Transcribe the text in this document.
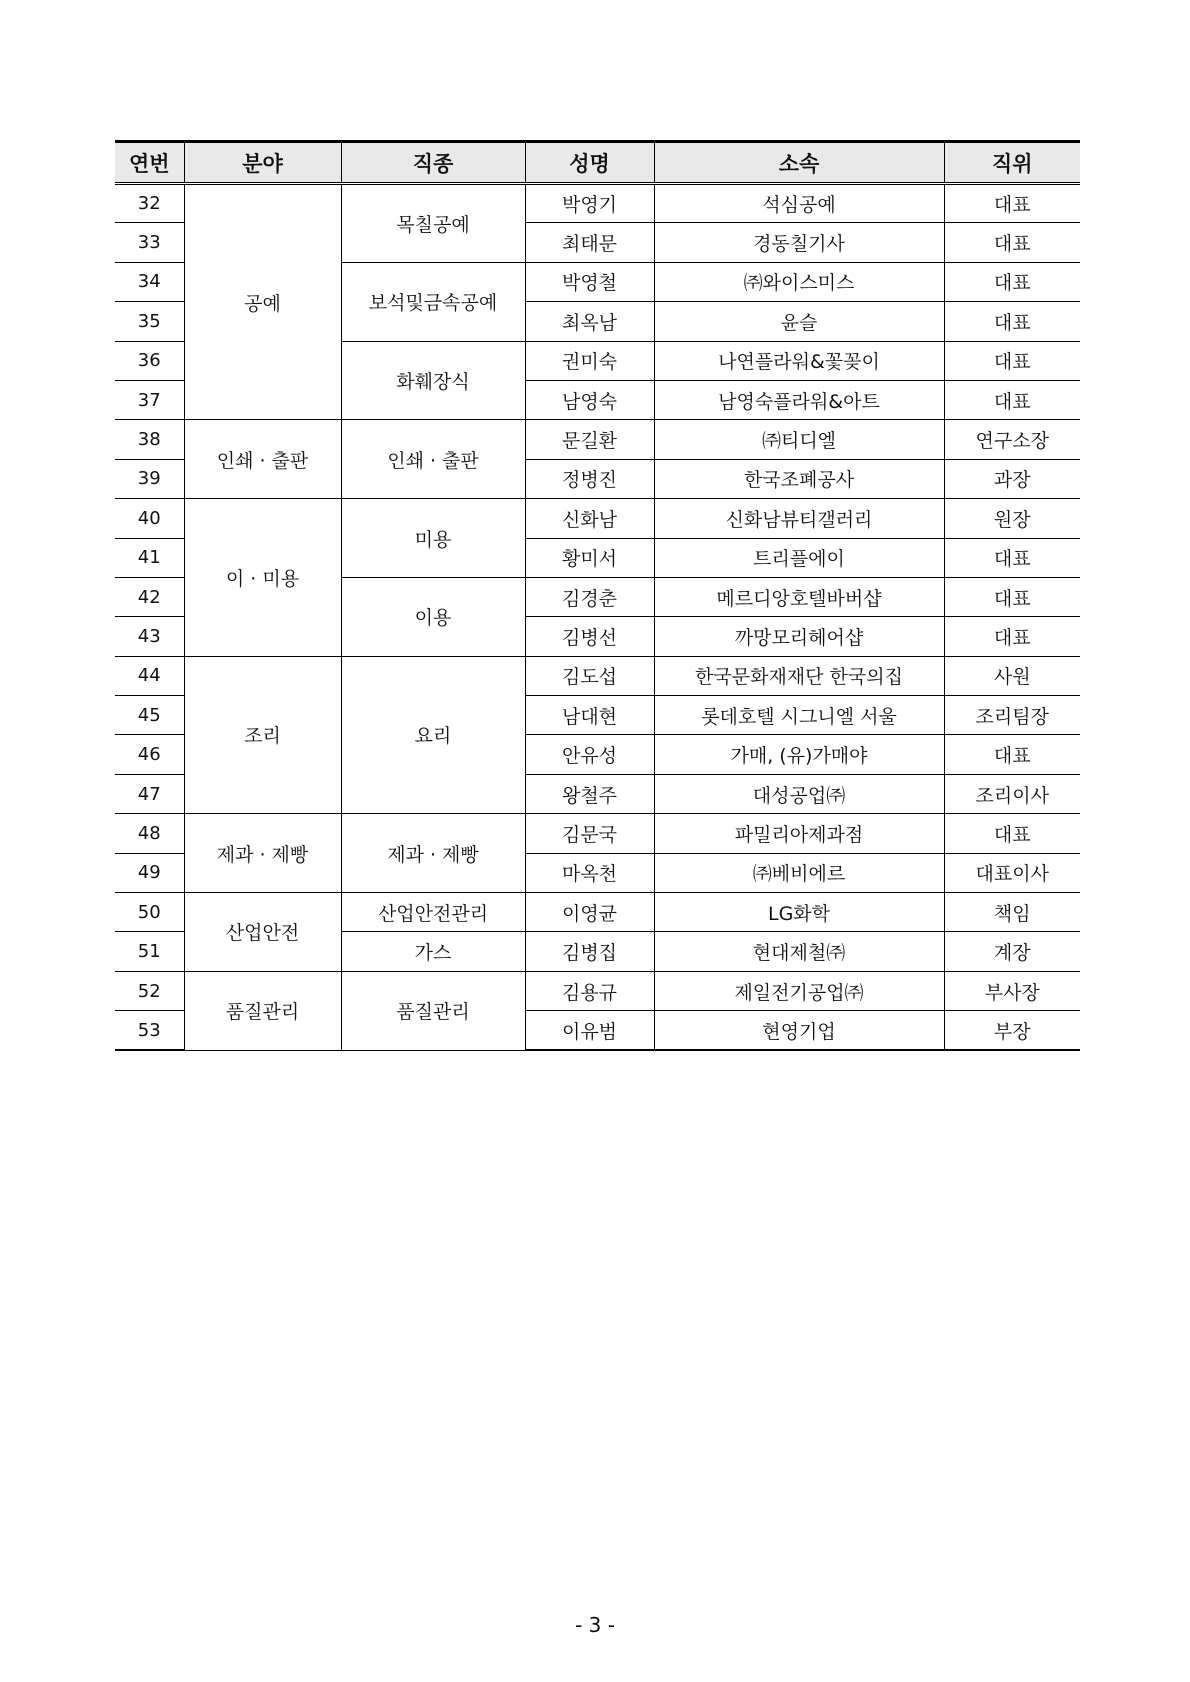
연번	분야	직종	성명	소속	직위
32	공예	목칠공예	박영기	석심공예	대표
33			최태문	경동칠기사	대표
34		보석및금속공예	박영철	㈜와이스미스	대표
35			최옥남	윤슬	대표
36		화훼장식	권미숙	나연플라워&꽃꽂이	대표
37			남영숙	남영숙플라워&아트	대표
38	인쇄 · 출판	인쇄 · 출판	문길환	㈜티디엘	연구소장
39			정병진	한국조폐공사	과장
40	이 · 미용	미용	신화남	신화남뷰티갤러리	원장
41			황미서	트리플에이	대표
42		이용	김경춘	메르디앙호텔바버샵	대표
43			김병선	까망모리헤어샵	대표
44	조리	요리	김도섭	한국문화재재단 한국의집	사원
45			남대현	롯데호텔 시그니엘 서울	조리팀장
46			안유성	가매, (유)가매야	대표
47			왕철주	대성공업㈜	조리이사
48	제과 · 제빵	제과 · 제빵	김문국	파밀리아제과점	대표
49			마옥천	㈜베비에르	대표이사
50	산업안전	산업안전관리	이영균	LG화학	책임
51		가스	김병집	현대제철㈜	계장
52	품질관리	품질관리	김용규	제일전기공업㈜	부사장
53			이유범	현영기업	부장
- 3 -
